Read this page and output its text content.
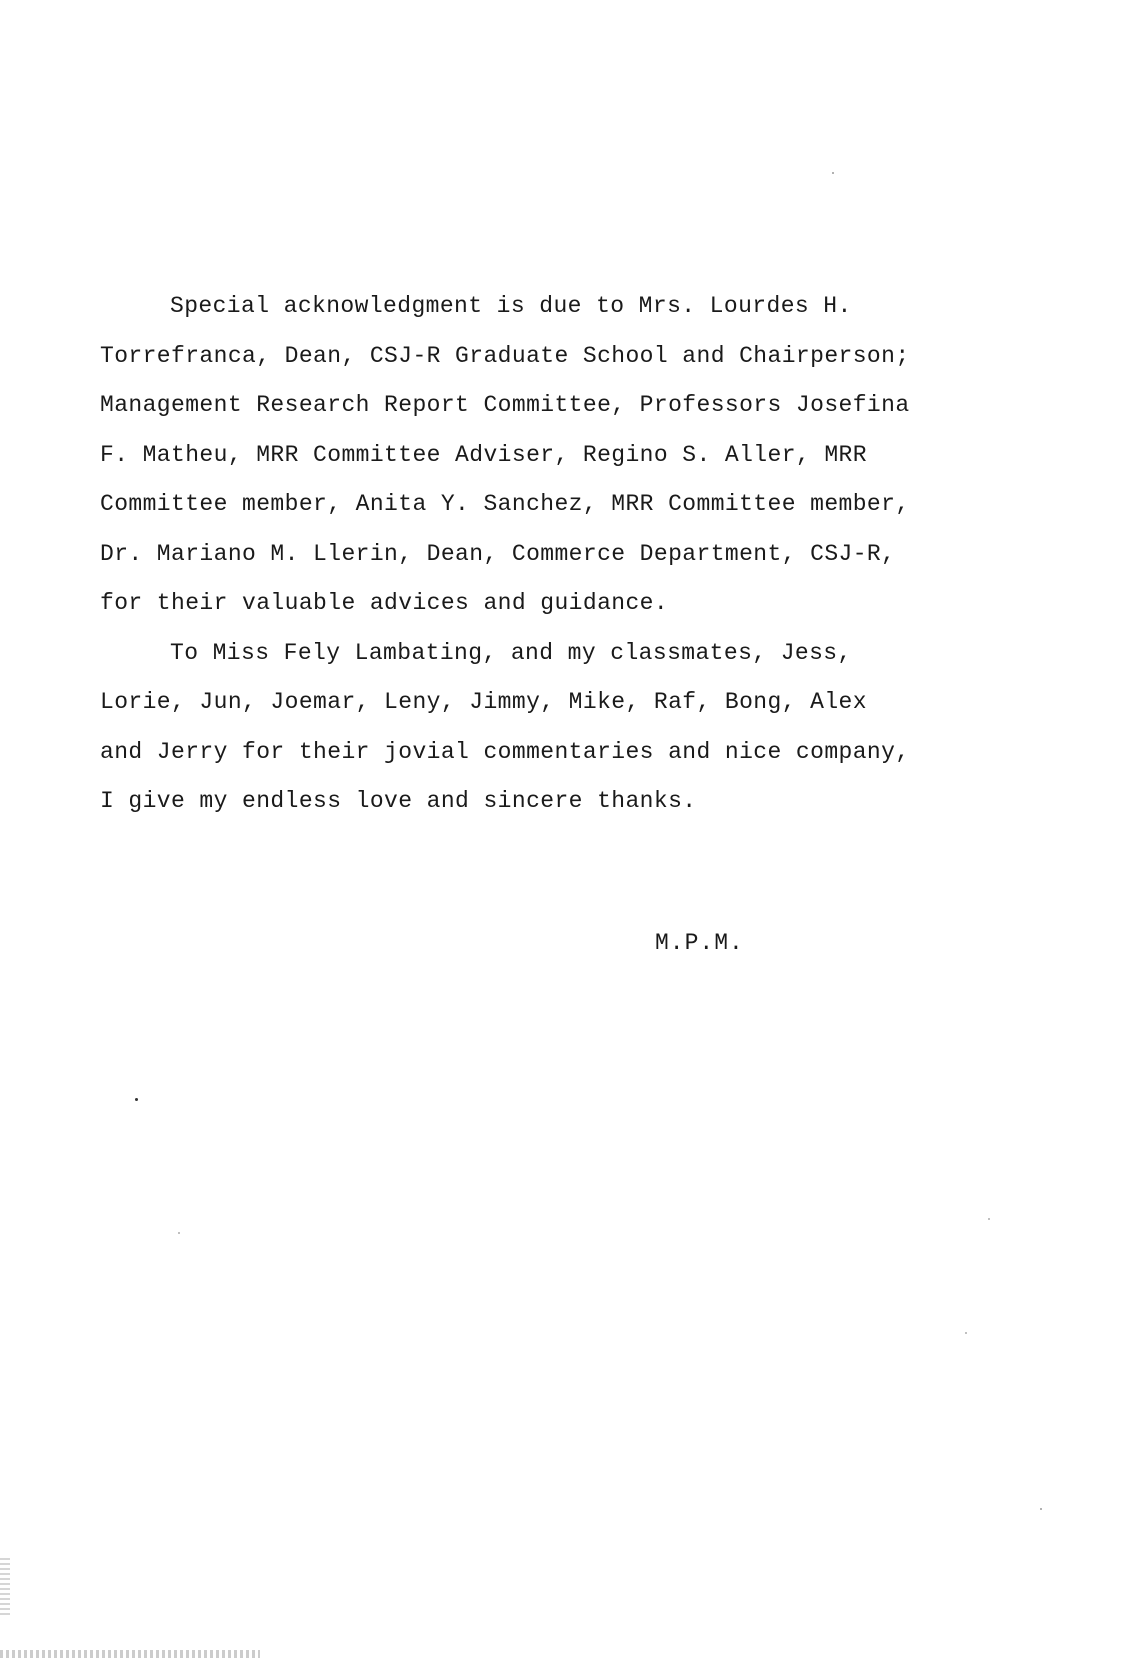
Special acknowledgment is due to Mrs. Lourdes H.
Torrefranca, Dean, CSJ-R Graduate School and Chairperson;
Management Research Report Committee, Professors Josefina
F. Matheu, MRR Committee Adviser, Regino S. Aller, MRR
Committee member, Anita Y. Sanchez, MRR Committee member,
Dr. Mariano M. Llerin, Dean, Commerce Department, CSJ-R,
for their valuable advices and guidance.
To Miss Fely Lambating, and my classmates, Jess,
Lorie, Jun, Joemar, Leny, Jimmy, Mike, Raf, Bong, Alex
and Jerry for their jovial commentaries and nice company,
I give my endless love and sincere thanks.
M.P.M.
